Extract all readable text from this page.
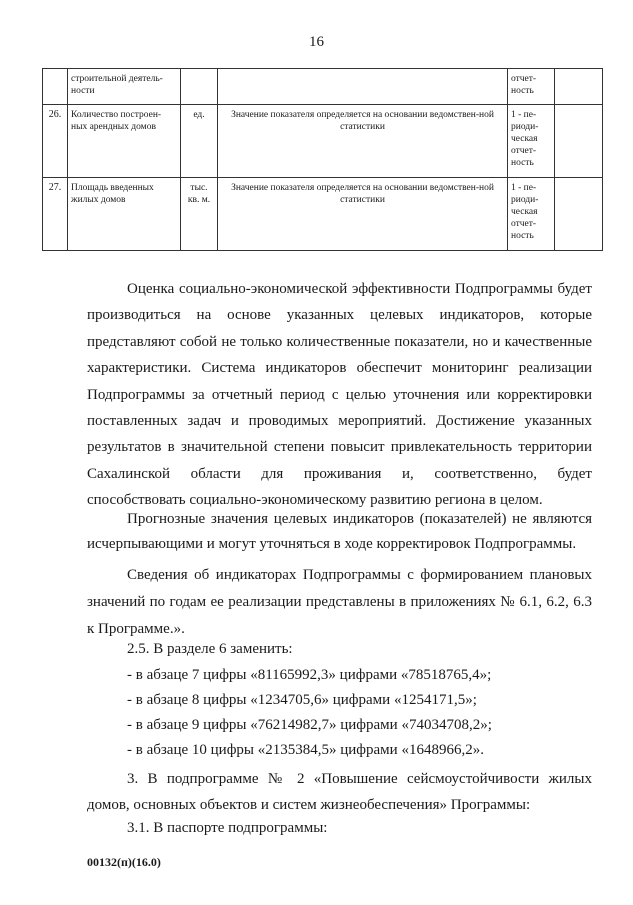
16
	строительной деятель-ности			отчет-ность	
26.	Количество построен-ных арендных домов	ед.	Значение показателя определяется на основании ведомствен-ной статистики	1 - пе-риоди-ческая отчет-ность	
27.	Площадь введенных жилых домов	тыс. кв. м.	Значение показателя определяется на основании ведомствен-ной статистики	1 - пе-риоди-ческая отчет-ность	

Оценка социально-экономической эффективности Подпрограммы будет производиться на основе указанных целевых индикаторов, которые представляют собой не только количественные показатели, но и качественные характеристики. Система индикаторов обеспечит мониторинг реализации Подпрограммы за отчетный период с целью уточнения или корректировки поставленных задач и проводимых мероприятий. Достижение указанных результатов в значительной степени повысит привлекательность территории Сахалинской области для проживания и, соответственно, будет способствовать социально-экономическому развитию региона в целом.

Прогнозные значения целевых индикаторов (показателей) не являются исчерпывающими и могут уточняться в ходе корректировок Подпрограммы.

Сведения об индикаторах Подпрограммы с формированием плановых значений по годам ее реализации представлены в приложениях № 6.1, 6.2, 6.3 к Программе.».

2.5. В разделе 6 заменить:

- в абзаце 7 цифры «81165992,3» цифрами «78518765,4»;

- в абзаце 8 цифры «1234705,6» цифрами «1254171,5»;

- в абзаце 9 цифры «76214982,7» цифрами «74034708,2»;

- в абзаце 10 цифры «2135384,5» цифрами «1648966,2».

3. В подпрограмме № 2 «Повышение сейсмоустойчивости жилых домов, основных объектов и систем жизнеобеспечения» Программы:

3.1. В паспорте подпрограммы:

00132(п)(16.0)
